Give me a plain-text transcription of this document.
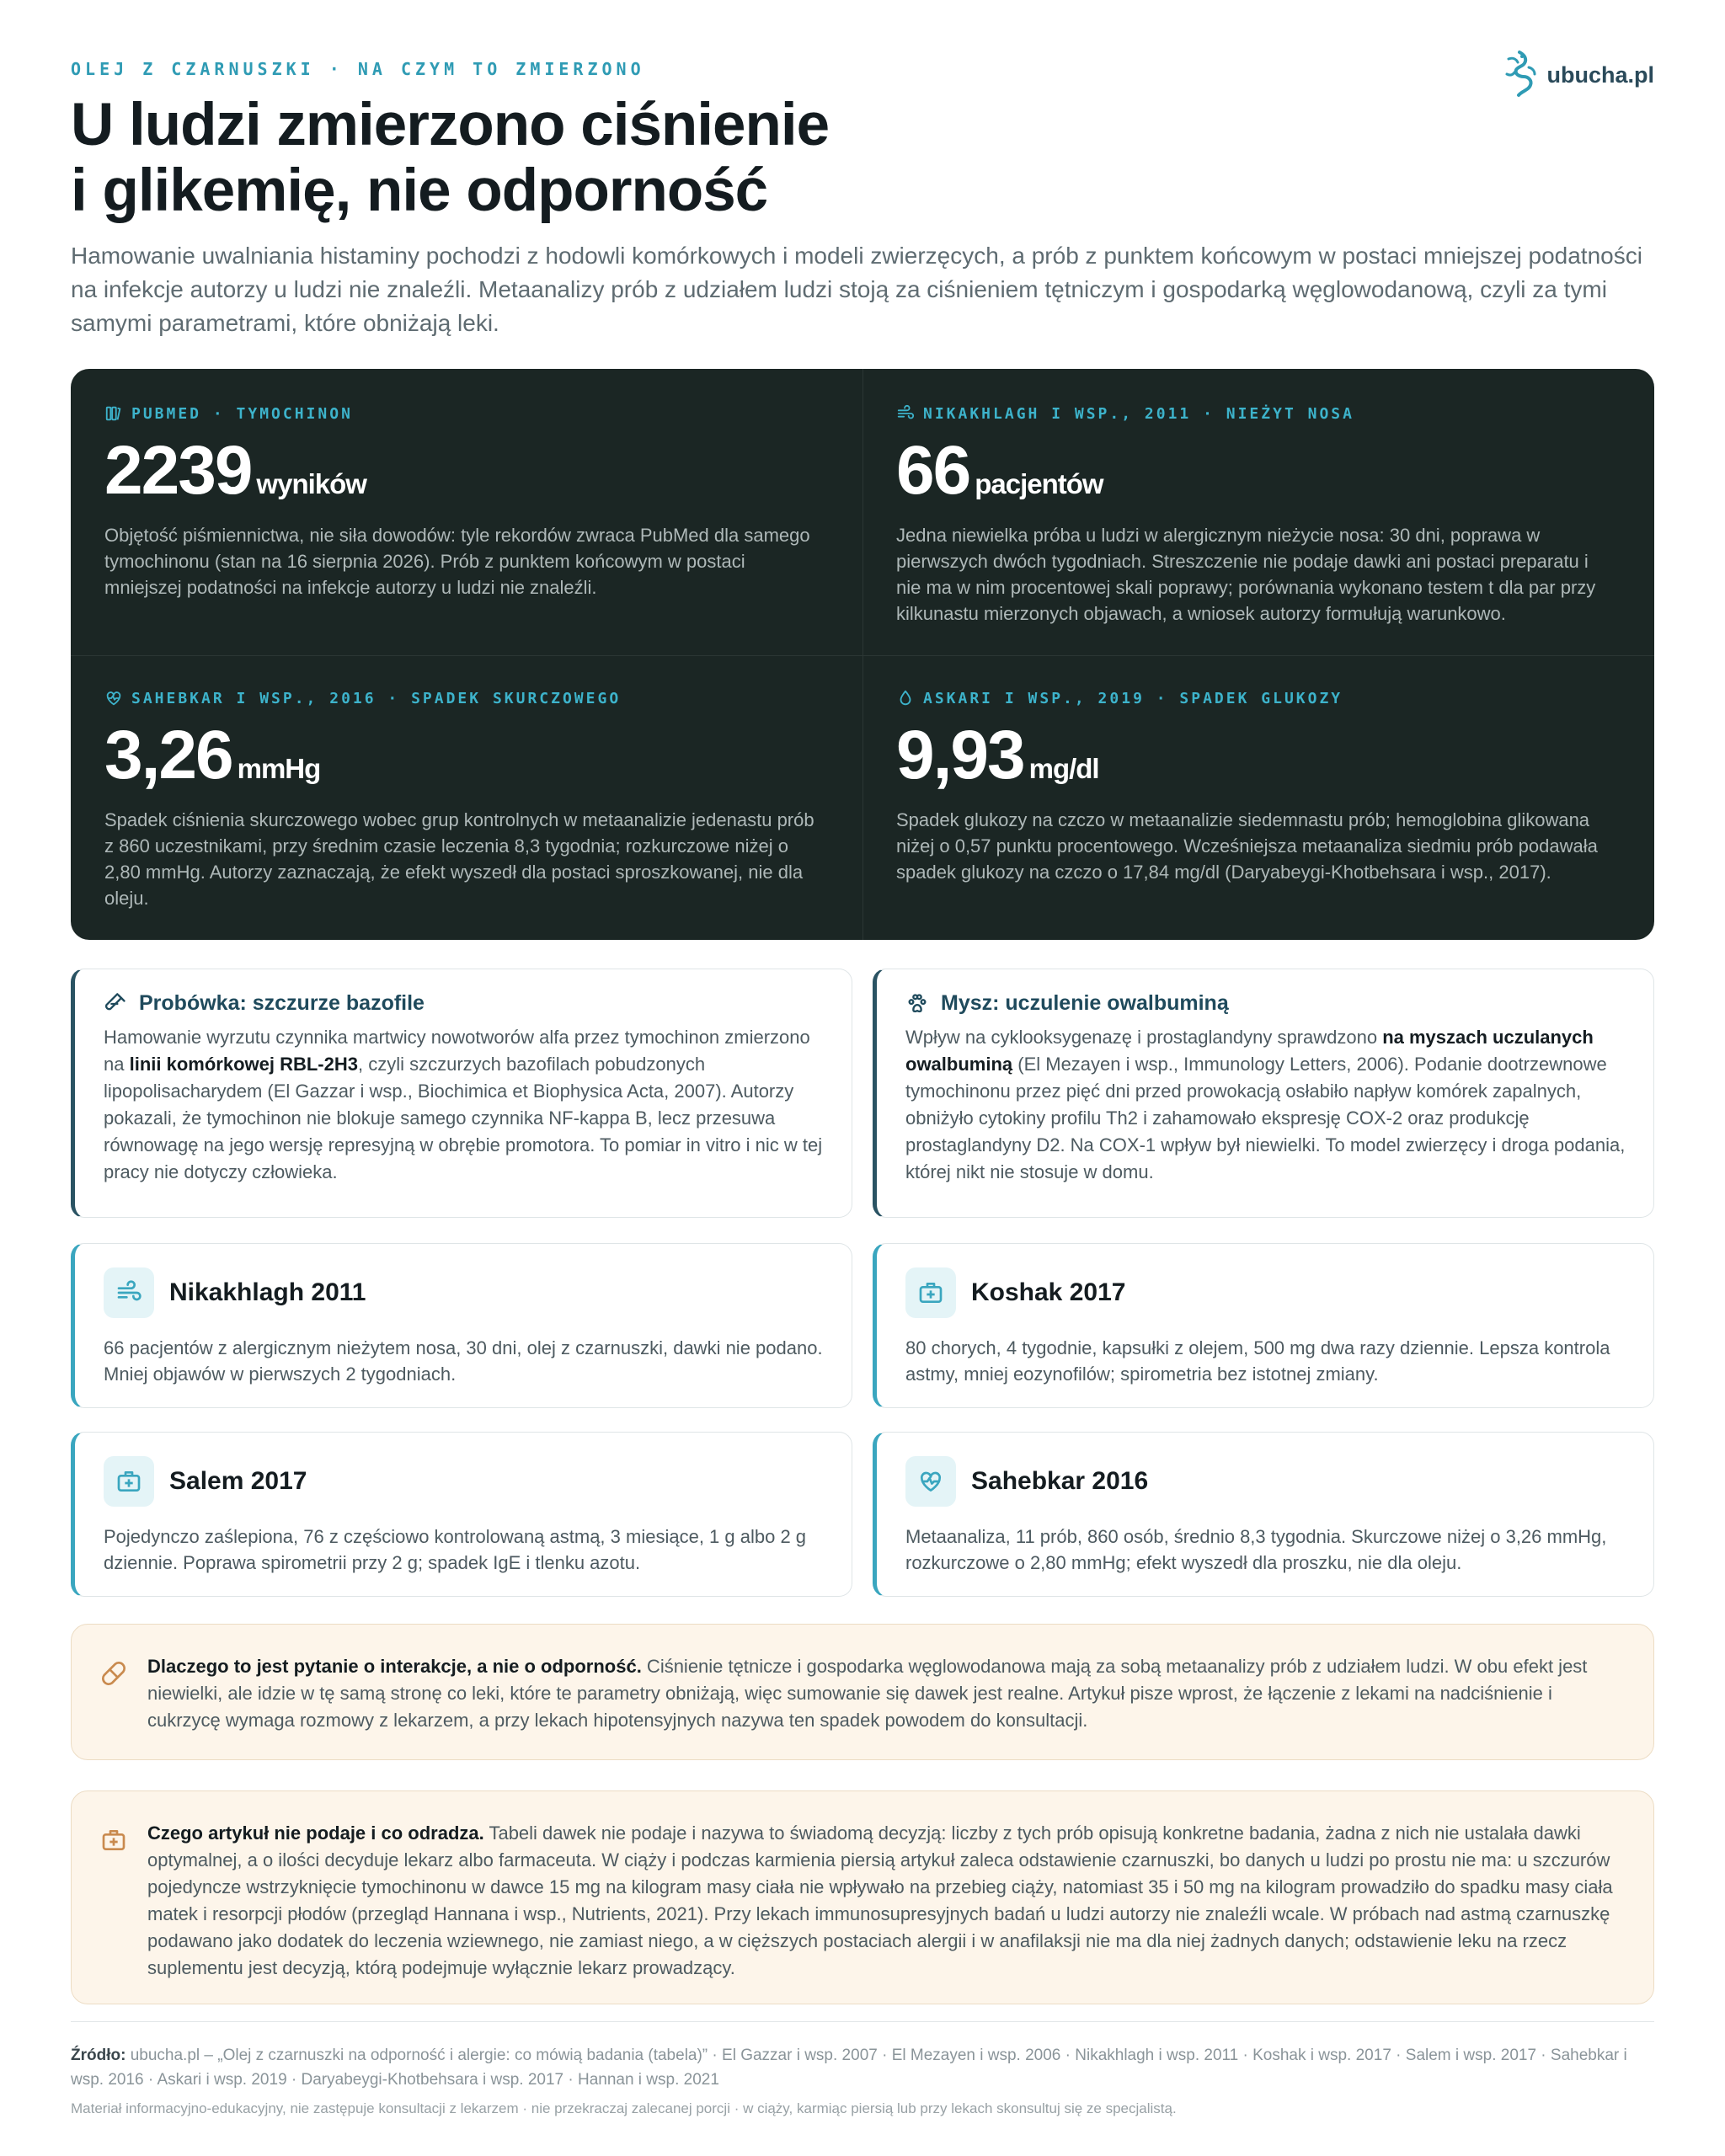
OLEJ Z CZARNUSZKI · NA CZYM TO ZMIERZONO	ubucha.pl
U ludzi zmierzono ciśnienie
i glikemię, nie odporność

Hamowanie uwalniania histaminy pochodzi z hodowli komórkowych i modeli zwierzęcych, a prób z punktem końcowym w postaci mniejszej podatności na infekcje autorzy u ludzi nie znaleźli. Metaanalizy prób z udziałem ludzi stoją za ciśnieniem tętniczym i gospodarką węglowodanową, czyli za tymi samymi parametrami, które obniżają leki.

PUBMED · TYMOCHINON
2239 wyników
Objętość piśmiennictwa, nie siła dowodów: tyle rekordów zwraca PubMed dla samego tymochinonu (stan na 16 sierpnia 2026). Prób z punktem końcowym w postaci mniejszej podatności na infekcje autorzy u ludzi nie znaleźli.
NIKAKHLAGH I WSP., 2011 · NIEŻYT NOSA
66 pacjentów
Jedna niewielka próba u ludzi w alergicznym nieżycie nosa: 30 dni, poprawa w pierwszych dwóch tygodniach. Streszczenie nie podaje dawki ani postaci preparatu i nie ma w nim procentowej skali poprawy; porównania wykonano testem t dla par przy kilkunastu mierzonych objawach, a wniosek autorzy formułują warunkowo.
SAHEBKAR I WSP., 2016 · SPADEK SKURCZOWEGO
3,26 mmHg
Spadek ciśnienia skurczowego wobec grup kontrolnych w metaanalizie jedenastu prób z 860 uczestnikami, przy średnim czasie leczenia 8,3 tygodnia; rozkurczowe niżej o 2,80 mmHg. Autorzy zaznaczają, że efekt wyszedł dla postaci sproszkowanej, nie dla oleju.
ASKARI I WSP., 2019 · SPADEK GLUKOZY
9,93 mg/dl
Spadek glukozy na czczo w metaanalizie siedemnastu prób; hemoglobina glikowana niżej o 0,57 punktu procentowego. Wcześniejsza metaanaliza siedmiu prób podawała spadek glukozy na czczo o 17,84 mg/dl (Daryabeygi-Khotbehsara i wsp., 2017).
Probówka: szczurze bazofile

Hamowanie wyrzutu czynnika martwicy nowotworów alfa przez tymochinon zmierzono na linii komórkowej RBL-2H3, czyli szczurzych bazofilach pobudzonych lipopolisacharydem (El Gazzar i wsp., Biochimica et Biophysica Acta, 2007). Autorzy pokazali, że tymochinon nie blokuje samego czynnika NF-kappa B, lecz przesuwa równowagę na jego wersję represyjną w obrębie promotora. To pomiar in vitro i nic w tej pracy nie dotyczy człowieka.

Mysz: uczulenie owalbuminą

Wpływ na cyklooksygenazę i prostaglandyny sprawdzono na myszach uczulanych owalbuminą (El Mezayen i wsp., Immunology Letters, 2006). Podanie dootrzewnowe tymochinonu przez pięć dni przed prowokacją osłabiło napływ komórek zapalnych, obniżyło cytokiny profilu Th2 i zahamowało ekspresję COX-2 oraz produkcję prostaglandyny D2. Na COX-1 wpływ był niewielki. To model zwierzęcy i droga podania, której nikt nie stosuje w domu.

Nikakhlagh 2011

66 pacjentów z alergicznym nieżytem nosa, 30 dni, olej z czarnuszki, dawki nie podano. Mniej objawów w pierwszych 2 tygodniach.

Koshak 2017

80 chorych, 4 tygodnie, kapsułki z olejem, 500 mg dwa razy dziennie. Lepsza kontrola astmy, mniej eozynofilów; spirometria bez istotnej zmiany.

Salem 2017

Pojedynczo zaślepiona, 76 z częściowo kontrolowaną astmą, 3 miesiące, 1 g albo 2 g dziennie. Poprawa spirometrii przy 2 g; spadek IgE i tlenku azotu.

Sahebkar 2016

Metaanaliza, 11 prób, 860 osób, średnio 8,3 tygodnia. Skurczowe niżej o 3,26 mmHg, rozkurczowe o 2,80 mmHg; efekt wyszedł dla proszku, nie dla oleju.

Dlaczego to jest pytanie o interakcje, a nie o odporność. Ciśnienie tętnicze i gospodarka węglowodanowa mają za sobą metaanalizy prób z udziałem ludzi. W obu efekt jest niewielki, ale idzie w tę samą stronę co leki, które te parametry obniżają, więc sumowanie się dawek jest realne. Artykuł pisze wprost, że łączenie z lekami na nadciśnienie i cukrzycę wymaga rozmowy z lekarzem, a przy lekach hipotensyjnych nazywa ten spadek powodem do konsultacji.

Czego artykuł nie podaje i co odradza. Tabeli dawek nie podaje i nazywa to świadomą decyzją: liczby z tych prób opisują konkretne badania, żadna z nich nie ustalała dawki optymalnej, a o ilości decyduje lekarz albo farmaceuta. W ciąży i podczas karmienia piersią artykuł zaleca odstawienie czarnuszki, bo danych u ludzi po prostu nie ma: u szczurów pojedyncze wstrzyknięcie tymochinonu w dawce 15 mg na kilogram masy ciała nie wpływało na przebieg ciąży, natomiast 35 i 50 mg na kilogram prowadziło do spadku masy ciała matek i resorpcji płodów (przegląd Hannana i wsp., Nutrients, 2021). Przy lekach immunosupresyjnych badań u ludzi autorzy nie znaleźli wcale. W próbach nad astmą czarnuszkę podawano jako dodatek do leczenia wziewnego, nie zamiast niego, a w cięższych postaciach alergii i w anafilaksji nie ma dla niej żadnych danych; odstawienie leku na rzecz suplementu jest decyzją, którą podejmuje wyłącznie lekarz prowadzący.

Źródło: ubucha.pl – „Olej z czarnuszki na odporność i alergie: co mówią badania (tabela)” · El Gazzar i wsp. 2007 · El Mezayen i wsp. 2006 · Nikakhlagh i wsp. 2011 · Koshak i wsp. 2017 · Salem i wsp. 2017 · Sahebkar i wsp. 2016 · Askari i wsp. 2019 · Daryabeygi-Khotbehsara i wsp. 2017 · Hannan i wsp. 2021

Materiał informacyjno-edukacyjny, nie zastępuje konsultacji z lekarzem · nie przekraczaj zalecanej porcji · w ciąży, karmiąc piersią lub przy lekach skonsultuj się ze specjalistą.
